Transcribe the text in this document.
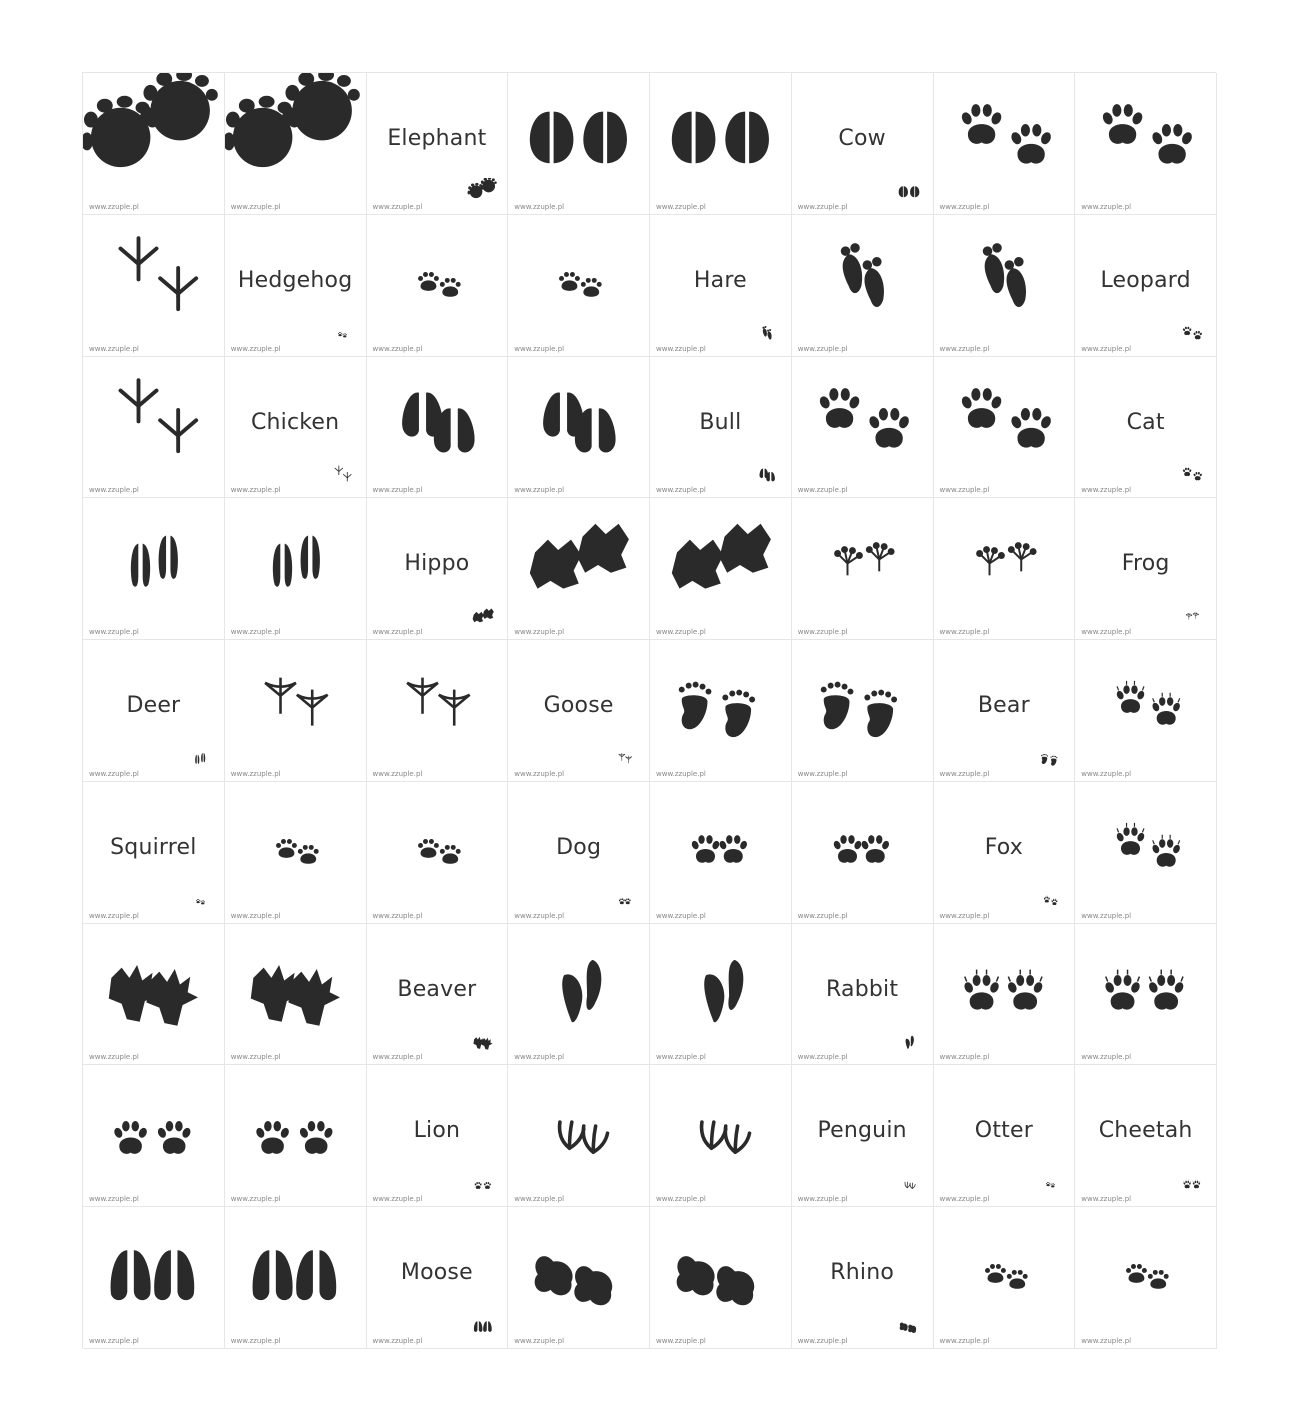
www.zzuple.pl	www.zzuple.pl
Elephant
www.zzuple.pl	www.zzuple.pl	www.zzuple.pl
Cow
www.zzuple.pl	www.zzuple.pl	www.zzuple.pl
www.zzuple.pl
Hedgehog
www.zzuple.pl	www.zzuple.pl	www.zzuple.pl
Hare
www.zzuple.pl	www.zzuple.pl	www.zzuple.pl
Leopard
www.zzuple.pl
www.zzuple.pl
Chicken
www.zzuple.pl	www.zzuple.pl	www.zzuple.pl
Bull
www.zzuple.pl	www.zzuple.pl	www.zzuple.pl
Cat
www.zzuple.pl
www.zzuple.pl	www.zzuple.pl
Hippo
www.zzuple.pl	www.zzuple.pl	www.zzuple.pl	www.zzuple.pl	www.zzuple.pl
Frog
www.zzuple.pl
Deer
www.zzuple.pl	www.zzuple.pl	www.zzuple.pl
Goose
www.zzuple.pl	www.zzuple.pl	www.zzuple.pl
Bear
www.zzuple.pl	www.zzuple.pl
Squirrel
www.zzuple.pl	www.zzuple.pl	www.zzuple.pl
Dog
www.zzuple.pl	www.zzuple.pl	www.zzuple.pl
Fox
www.zzuple.pl	www.zzuple.pl
www.zzuple.pl	www.zzuple.pl
Beaver
www.zzuple.pl	www.zzuple.pl	www.zzuple.pl
Rabbit
www.zzuple.pl	www.zzuple.pl	www.zzuple.pl
www.zzuple.pl	www.zzuple.pl
Lion
www.zzuple.pl	www.zzuple.pl	www.zzuple.pl
Penguin
www.zzuple.pl
Otter
www.zzuple.pl
Cheetah
www.zzuple.pl
www.zzuple.pl	www.zzuple.pl
Moose
www.zzuple.pl	www.zzuple.pl	www.zzuple.pl
Rhino
www.zzuple.pl	www.zzuple.pl	www.zzuple.pl
